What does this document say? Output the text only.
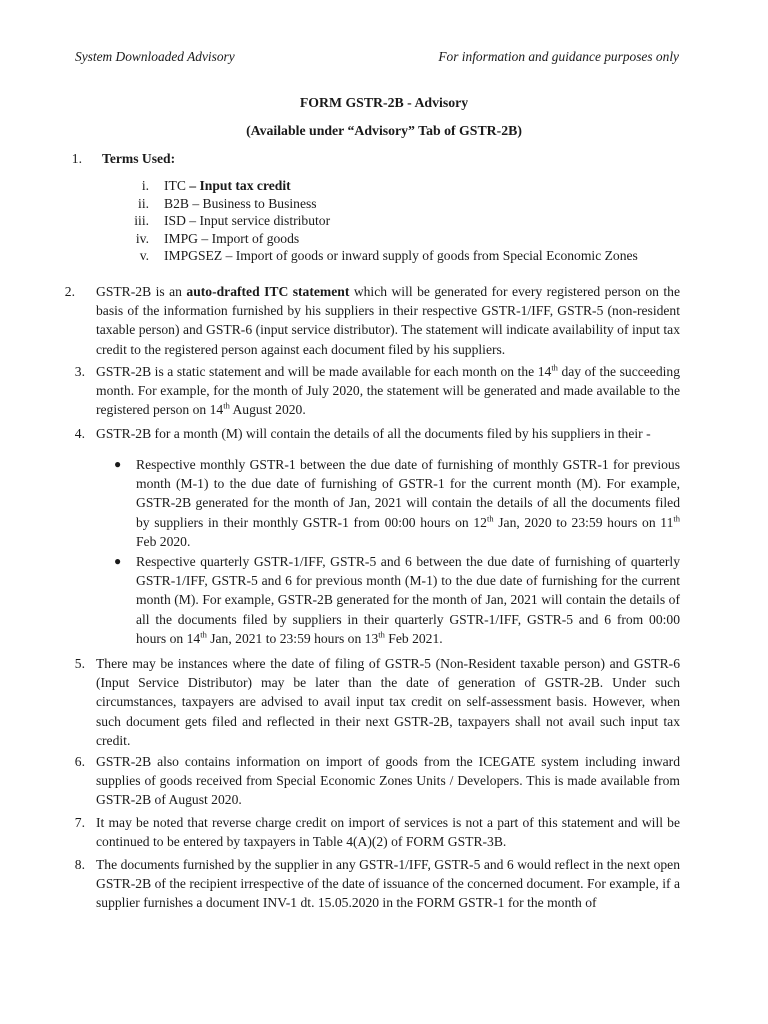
System Downloaded Advisory	For information and guidance purposes only
FORM GSTR-2B - Advisory
(Available under “Advisory” Tab of GSTR-2B)
1. Terms Used:
i. ITC – Input tax credit
ii. B2B – Business to Business
iii. ISD – Input service distributor
iv. IMPG – Import of goods
v. IMPGSEZ – Import of goods or inward supply of goods from Special Economic Zones
2. GSTR-2B is an auto-drafted ITC statement which will be generated for every registered person on the basis of the information furnished by his suppliers in their respective GSTR-1/IFF, GSTR-5 (non-resident taxable person) and GSTR-6 (input service distributor). The statement will indicate availability of input tax credit to the registered person against each document filed by his suppliers.
3. GSTR-2B is a static statement and will be made available for each month on the 14th day of the succeeding month. For example, for the month of July 2020, the statement will be generated and made available to the registered person on 14th August 2020.
4. GSTR-2B for a month (M) will contain the details of all the documents filed by his suppliers in their -
● Respective monthly GSTR-1 between the due date of furnishing of monthly GSTR-1 for previous month (M-1) to the due date of furnishing of GSTR-1 for the current month (M). For example, GSTR-2B generated for the month of Jan, 2021 will contain the details of all the documents filed by suppliers in their monthly GSTR-1 from 00:00 hours on 12th Jan, 2020 to 23:59 hours on 11th Feb 2020.
● Respective quarterly GSTR-1/IFF, GSTR-5 and 6 between the due date of furnishing of quarterly GSTR-1/IFF, GSTR-5 and 6 for previous month (M-1) to the due date of furnishing for the current month (M). For example, GSTR-2B generated for the month of Jan, 2021 will contain the details of all the documents filed by suppliers in their quarterly GSTR-1/IFF, GSTR-5 and 6 from 00:00 hours on 14th Jan, 2021 to 23:59 hours on 13th Feb 2021.
5. There may be instances where the date of filing of GSTR-5 (Non-Resident taxable person) and GSTR-6 (Input Service Distributor) may be later than the date of generation of GSTR-2B. Under such circumstances, taxpayers are advised to avail input tax credit on self-assessment basis. However, when such document gets filed and reflected in their next GSTR-2B, taxpayers shall not avail such input tax credit.
6. GSTR-2B also contains information on import of goods from the ICEGATE system including inward supplies of goods received from Special Economic Zones Units / Developers. This is made available from GSTR-2B of August 2020.
7. It may be noted that reverse charge credit on import of services is not a part of this statement and will be continued to be entered by taxpayers in Table 4(A)(2) of FORM GSTR-3B.
8. The documents furnished by the supplier in any GSTR-1/IFF, GSTR-5 and 6 would reflect in the next open GSTR-2B of the recipient irrespective of the date of issuance of the concerned document. For example, if a supplier furnishes a document INV-1 dt. 15.05.2020 in the FORM GSTR-1 for the month of
